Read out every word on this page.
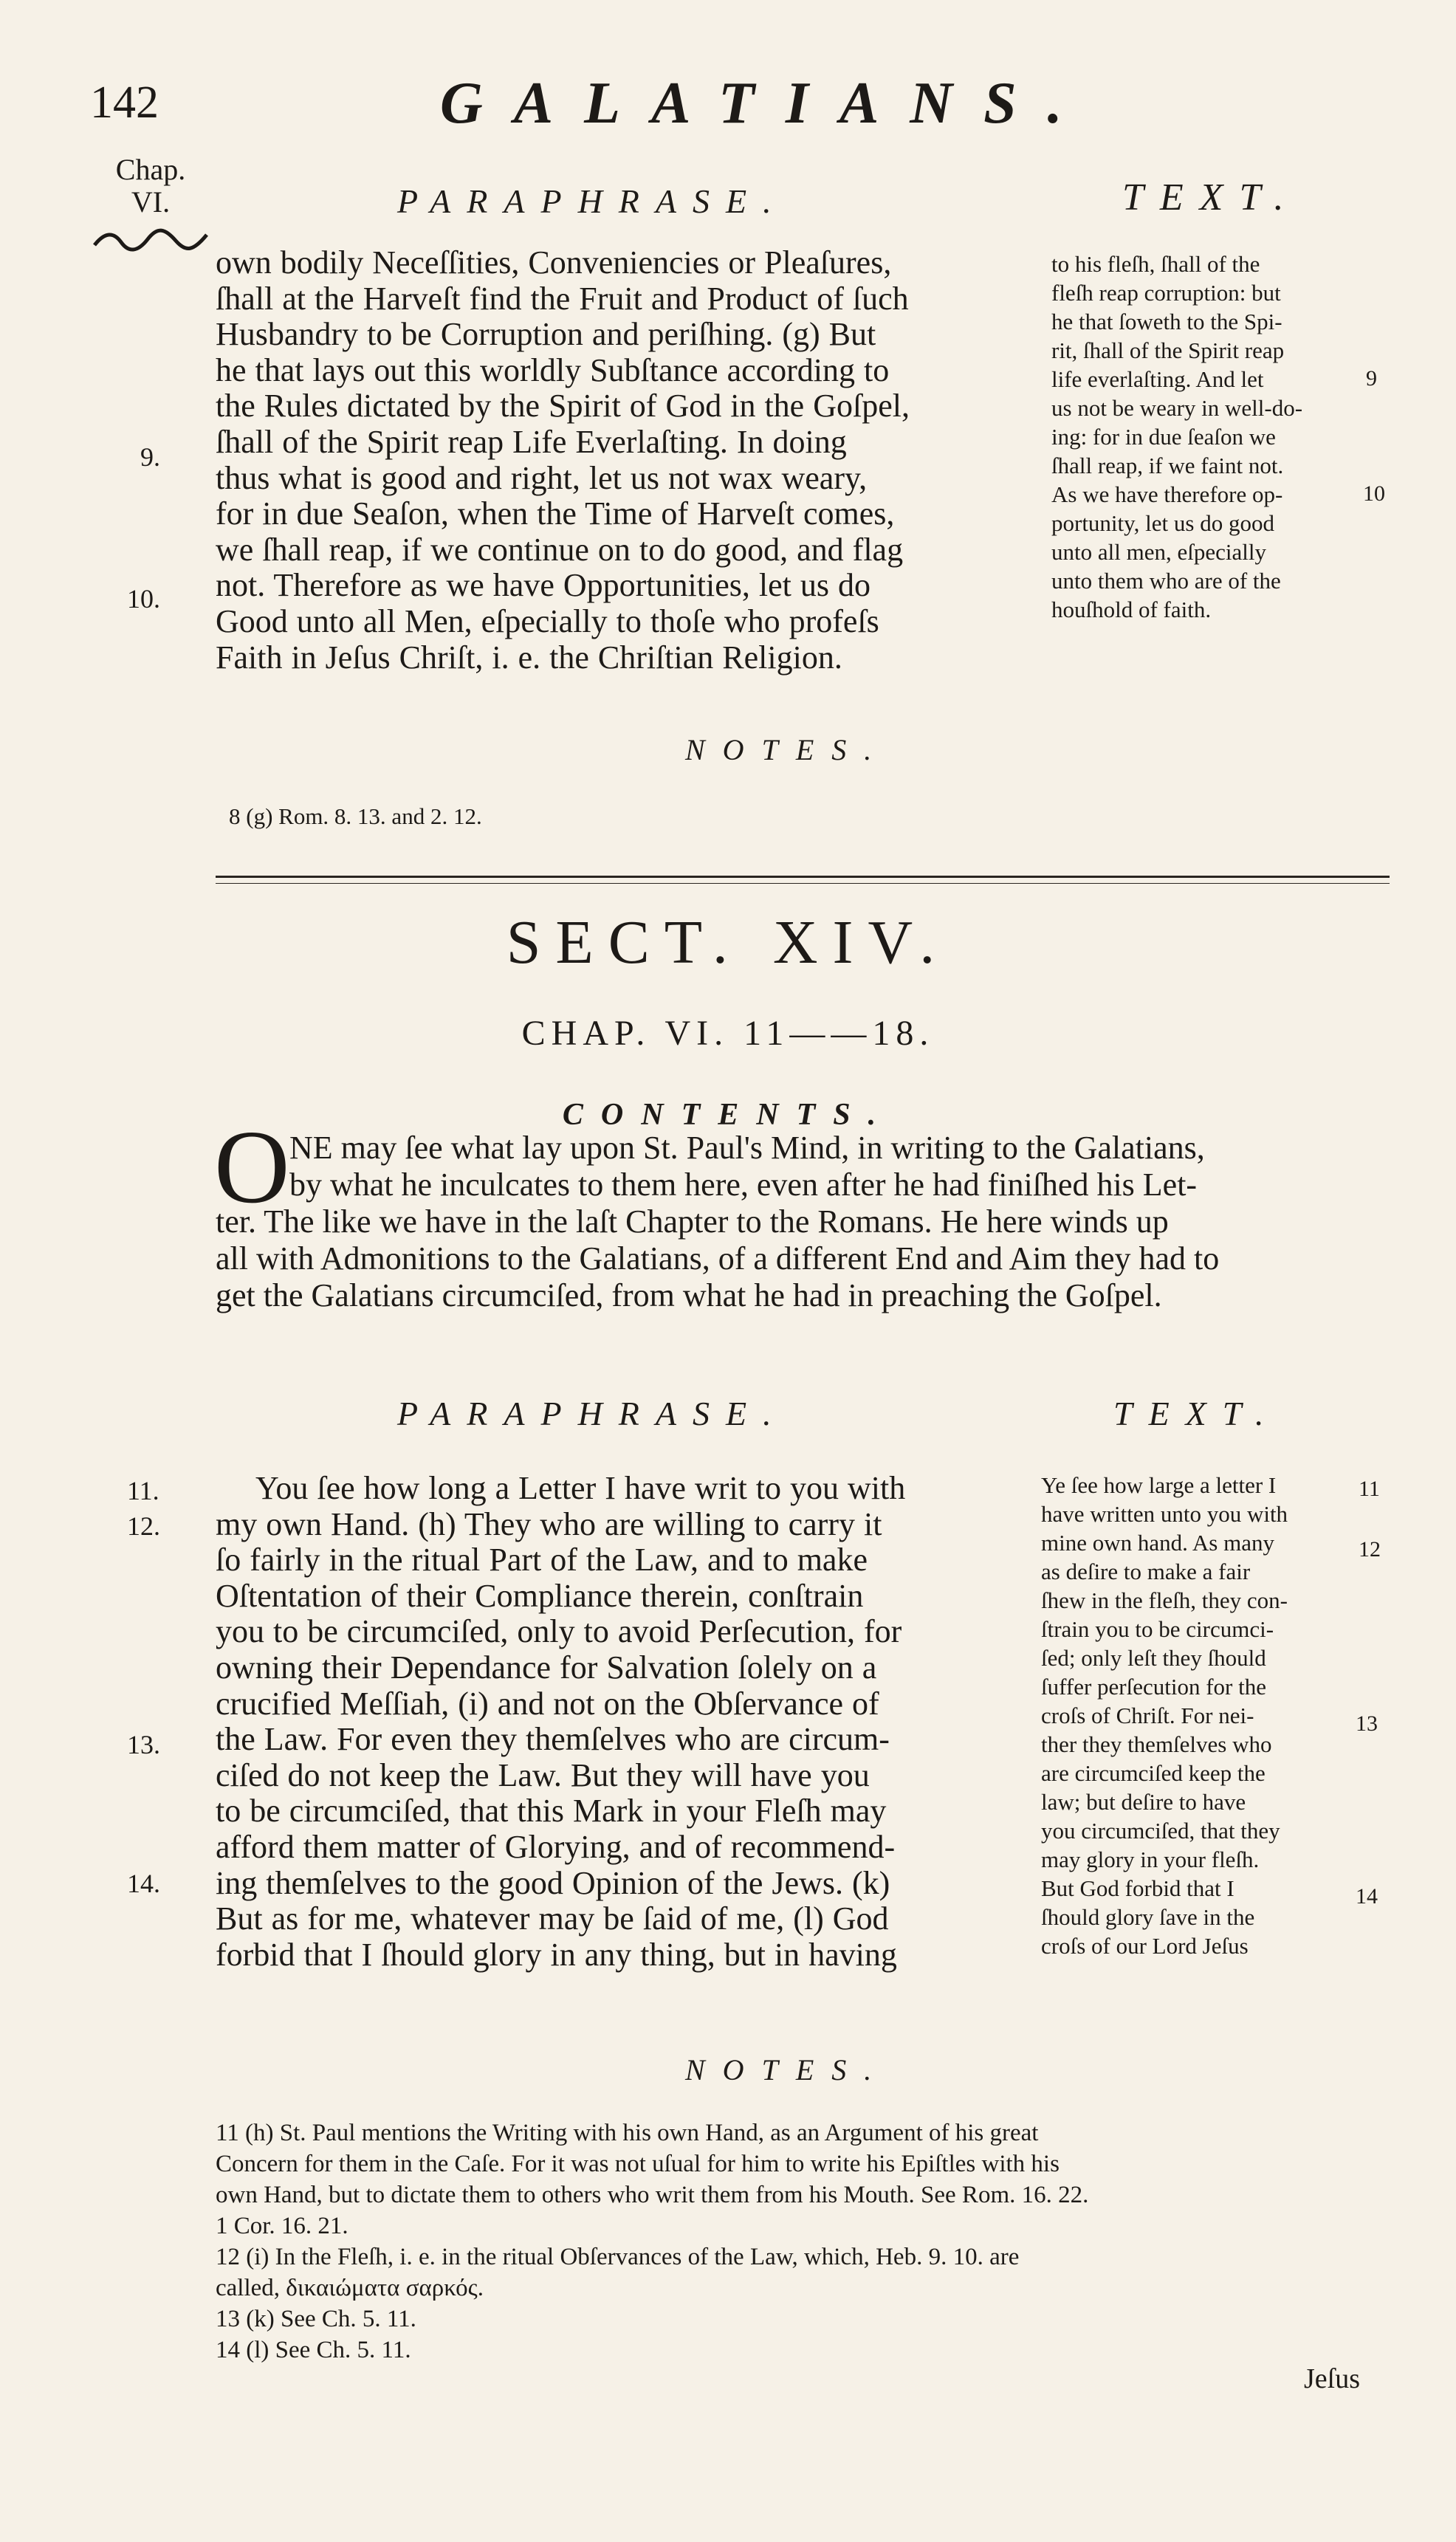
142	GALATIANS.
Chap.
VI.	PARAPHRASE.	TEXT.
own bodily Neceſſities, Conveniencies or Pleaſures,
ſhall at the Harveſt find the Fruit and Product of ſuch
Husbandry to be Corruption and periſhing. (g) But
he that lays out this worldly Subſtance according to
the Rules dictated by the Spirit of God in the Goſpel,
ſhall of the Spirit reap Life Everlaſting. In doing
thus what is good and right, let us not wax weary,
for in due Seaſon, when the Time of Harveſt comes,
we ſhall reap, if we continue on to do good, and flag
not. Therefore as we have Opportunities, let us do
Good unto all Men, eſpecially to thoſe who profeſs
Faith in Jeſus Chriſt, i. e. the Chriſtian Religion.
to his fleſh, ſhall of the
fleſh reap corruption: but
he that ſoweth to the Spi-
rit, ſhall of the Spirit reap
life everlaſting. And let
us not be weary in well-do-
ing: for in due ſeaſon we
ſhall reap, if we faint not.
As we have therefore op-
portunity, let us do good
unto all men, eſpecially
unto them who are of the
houſhold of faith.
9.
10.
9
10
NOTES.
8 (g) Rom. 8. 13. and 2. 12.
SECT. XIV.
CHAP. VI. 11——18.
CONTENTS.
O NE may ſee what lay upon St. Paul's Mind, in writing to the Galatians,
by what he inculcates to them here, even after he had finiſhed his Let-
ter. The like we have in the laſt Chapter to the Romans. He here winds up
all with Admonitions to the Galatians, of a different End and Aim they had to
get the Galatians circumciſed, from what he had in preaching the Goſpel.
PARAPHRASE.	TEXT.
You ſee how long a Letter I have writ to you with
my own Hand. (h) They who are willing to carry it
ſo fairly in the ritual Part of the Law, and to make
Oſtentation of their Compliance therein, conſtrain
you to be circumciſed, only to avoid Perſecution, for
owning their Dependance for Salvation ſolely on a
crucified Meſſiah, (i) and not on the Obſervance of
the Law. For even they themſelves who are circum-
ciſed do not keep the Law. But they will have you
to be circumciſed, that this Mark in your Fleſh may
afford them matter of Glorying, and of recommend-
ing themſelves to the good Opinion of the Jews. (k)
But as for me, whatever may be ſaid of me, (l) God
forbid that I ſhould glory in any thing, but in having
Ye ſee how large a letter I
have written unto you with
mine own hand. As many
as deſire to make a fair
ſhew in the fleſh, they con-
ſtrain you to be circumci-
ſed; only leſt they ſhould
ſuffer perſecution for the
croſs of Chriſt. For nei-
ther they themſelves who
are circumciſed keep the
law; but deſire to have
you circumciſed, that they
may glory in your fleſh.
But God forbid that I
ſhould glory ſave in the
croſs of our Lord Jeſus
11.
12.
13.
14.
11
12
13
14
NOTES.
11 (h) St. Paul mentions the Writing with his own Hand, as an Argument of his great
Concern for them in the Caſe. For it was not uſual for him to write his Epiſtles with his
own Hand, but to dictate them to others who writ them from his Mouth. See Rom. 16. 22.
1 Cor. 16. 21.
12 (i) In the Fleſh, i. e. in the ritual Obſervances of the Law, which, Heb. 9. 10. are
called, δικαιώματα σαρκός.
13 (k) See Ch. 5. 11.
14 (l) See Ch. 5. 11.
Jeſus
